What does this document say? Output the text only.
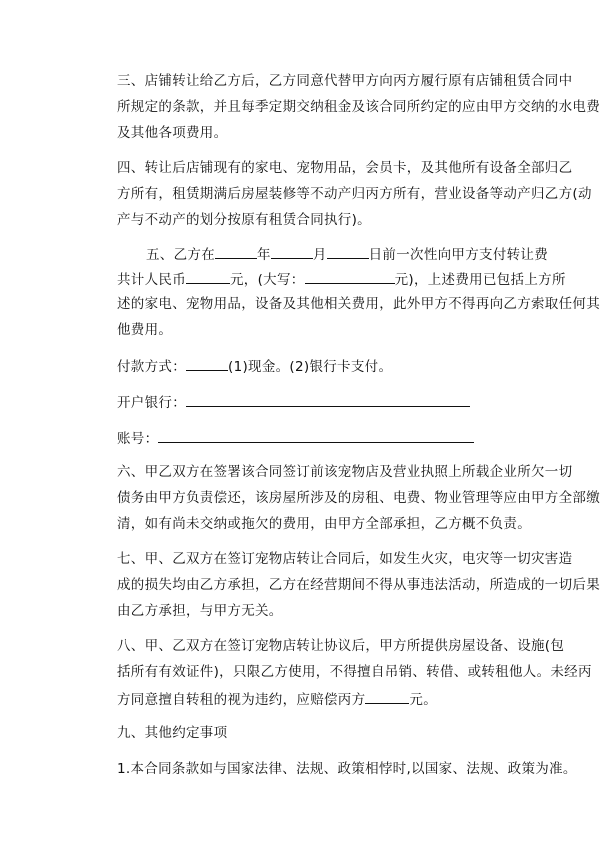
三、店铺转让给乙方后，乙方同意代替甲方向丙方履行原有店铺租赁合同中
所规定的条款，并且每季定期交纳租金及该合同所约定的应由甲方交纳的水电费
及其他各项费用。
四、转让后店铺现有的家电、宠物用品，会员卡，及其他所有设备全部归乙
方所有，租赁期满后房屋装修等不动产归丙方所有，营业设备等动产归乙方(动
产与不动产的划分按原有租赁合同执行)。
五、乙方在	年	月	日前一次性向甲方支付转让费
共计人民币	元，(大写：	元)，上述费用已包括上方所
述的家电、宠物用品，设备及其他相关费用，此外甲方不得再向乙方索取任何其
他费用。
付款方式：	(1)现金。(2)银行卡支付。
开户银行：
账号：
六、甲乙双方在签署该合同签订前该宠物店及营业执照上所载企业所欠一切
债务由甲方负责偿还，该房屋所涉及的房租、电费、物业管理等应由甲方全部缴
清，如有尚未交纳或拖欠的费用，由甲方全部承担，乙方概不负责。
七、甲、乙双方在签订宠物店转让合同后，如发生火灾，电灾等一切灾害造
成的损失均由乙方承担，乙方在经营期间不得从事违法活动，所造成的一切后果
由乙方承担，与甲方无关。
八、甲、乙双方在签订宠物店转让协议后，甲方所提供房屋设备、设施(包
括所有有效证件)，只限乙方使用，不得擅自吊销、转借、或转租他人。未经丙
方同意擅自转租的视为违约，应赔偿丙方	元。
九、其他约定事项
1.本合同条款如与国家法律、法规、政策相悖时,以国家、法规、政策为准。
